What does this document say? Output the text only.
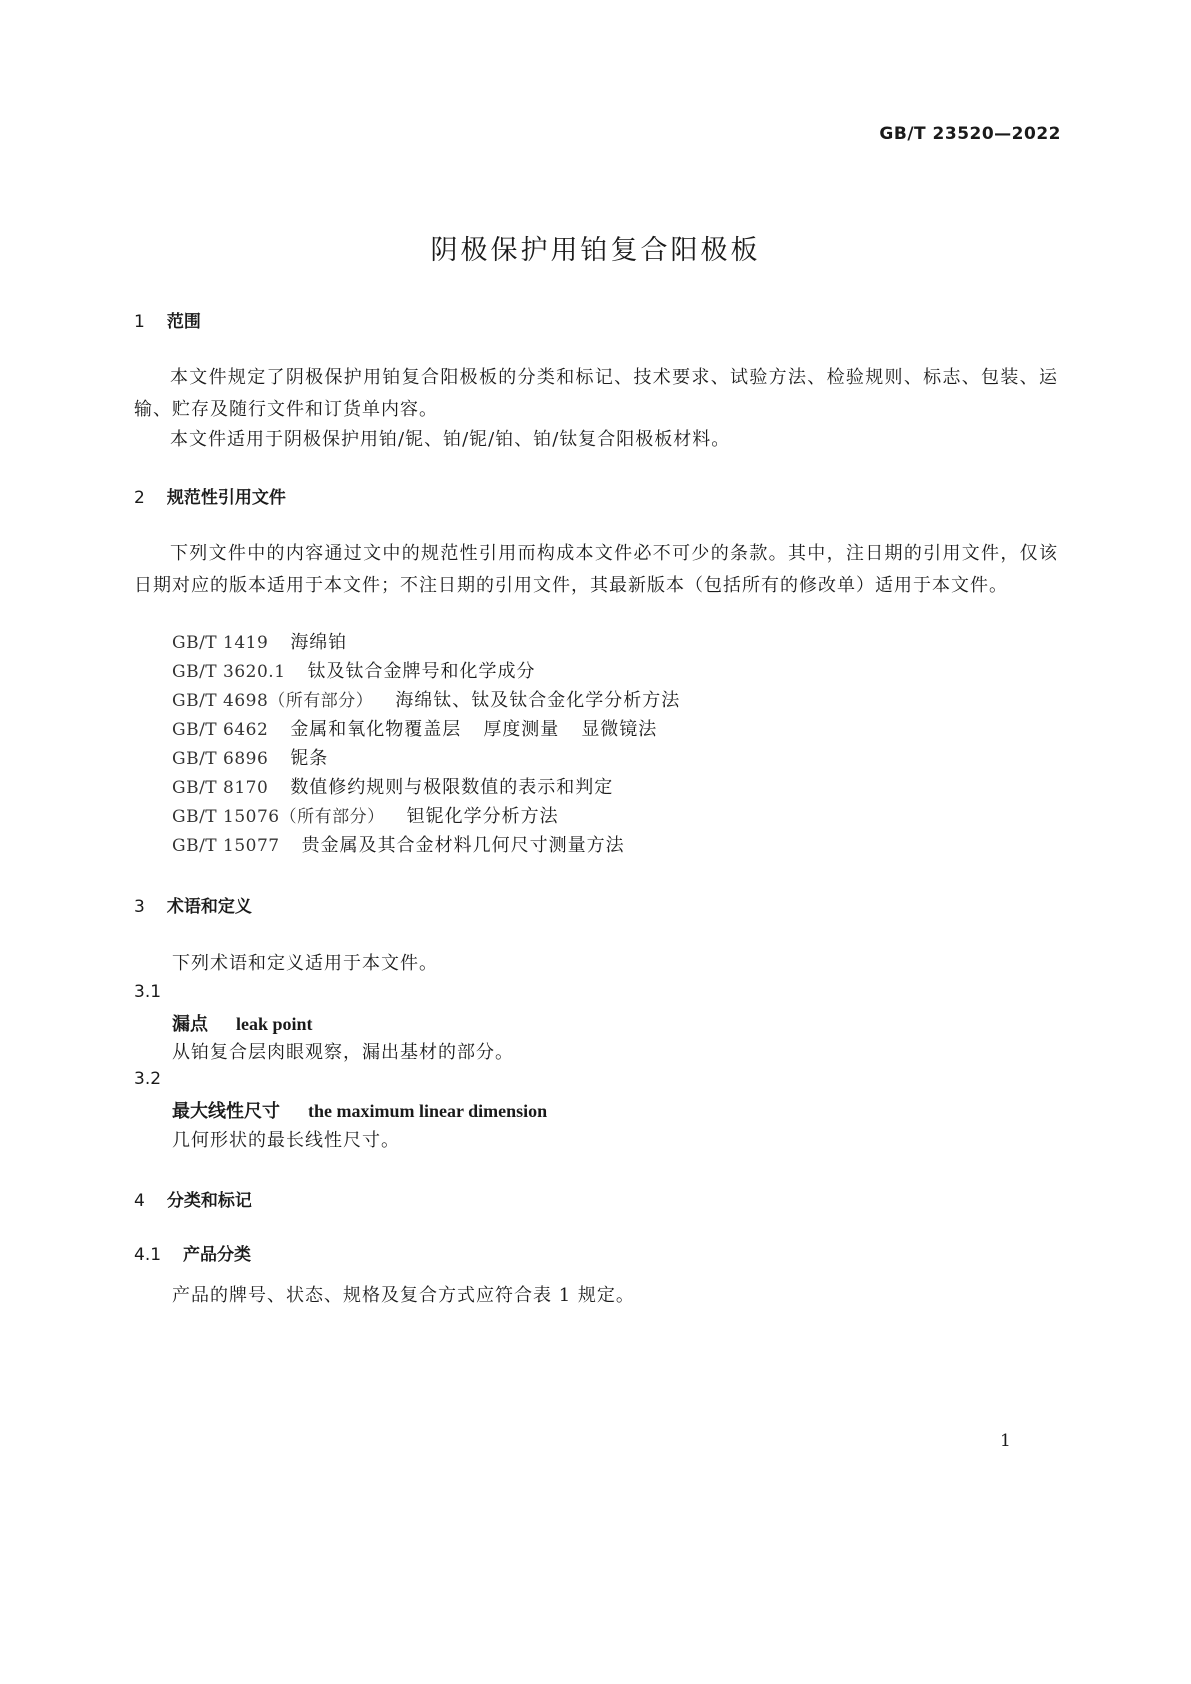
GB/T 23520—2022
阴极保护用铂复合阳极板
1 范围
本文件规定了阴极保护用铂复合阳极板的分类和标记、技术要求、试验方法、检验规则、标志、包装、运输、贮存及随行文件和订货单内容。
本文件适用于阴极保护用铂/铌、铂/铌/铂、铂/钛复合阳极板材料。
2 规范性引用文件
下列文件中的内容通过文中的规范性引用而构成本文件必不可少的条款。其中，注日期的引用文件，仅该日期对应的版本适用于本文件；不注日期的引用文件，其最新版本（包括所有的修改单）适用于本文件。
GB/T 1419 海绵铂
GB/T 3620.1 钛及钛合金牌号和化学成分
GB/T 4698（所有部分） 海绵钛、钛及钛合金化学分析方法
GB/T 6462 金属和氧化物覆盖层 厚度测量 显微镜法
GB/T 6896 铌条
GB/T 8170 数值修约规则与极限数值的表示和判定
GB/T 15076（所有部分） 钽铌化学分析方法
GB/T 15077 贵金属及其合金材料几何尺寸测量方法
3 术语和定义
下列术语和定义适用于本文件。
3.1
漏点 leak point
从铂复合层肉眼观察，漏出基材的部分。
3.2
最大线性尺寸 the maximum linear dimension
几何形状的最长线性尺寸。
4 分类和标记
4.1 产品分类
产品的牌号、状态、规格及复合方式应符合表 1 规定。
1
